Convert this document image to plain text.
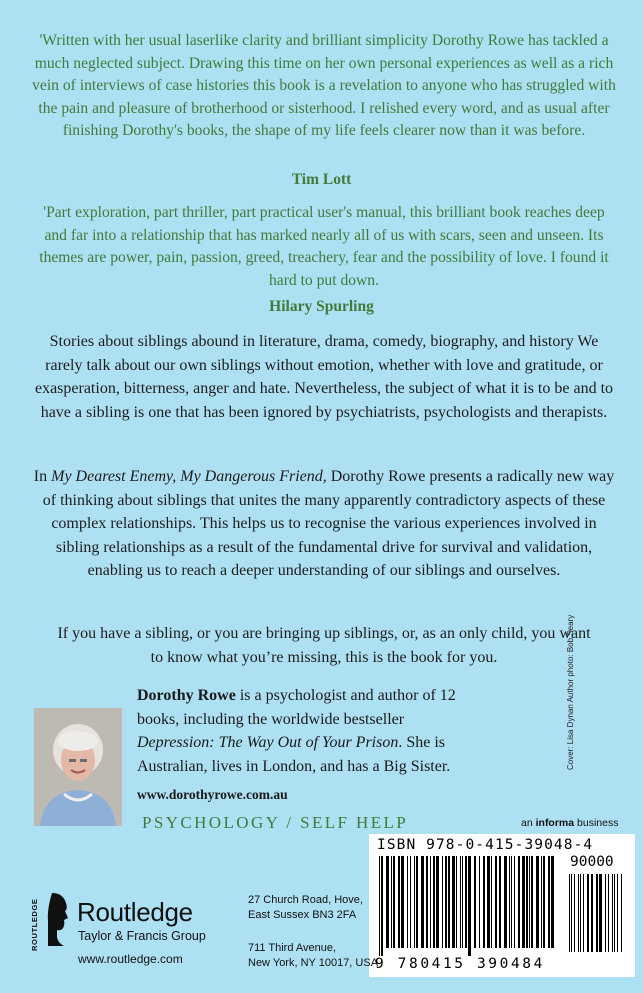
'Written with her usual laserlike clarity and brilliant simplicity Dorothy Rowe has tackled a much neglected subject. Drawing this time on her own personal experiences as well as a rich vein of interviews of case histories this book is a revelation to anyone who has struggled with the pain and pleasure of brotherhood or sisterhood. I relished every word, and as usual after finishing Dorothy's books, the shape of my life feels clearer now than it was before.

Tim Lott

'Part exploration, part thriller, part practical user's manual, this brilliant book reaches deep and far into a relationship that has marked nearly all of us with scars, seen and unseen. Its themes are power, pain, passion, greed, treachery, fear and the possibility of love. I found it hard to put down.

Hilary Spurling

Stories about siblings abound in literature, drama, comedy, biography, and history We rarely talk about our own siblings without emotion, whether with love and gratitude, or exasperation, bitterness, anger and hate. Nevertheless, the subject of what it is to be and to have a sibling is one that has been ignored by psychiatrists, psychologists and therapists.

In My Dearest Enemy, My Dangerous Friend, Dorothy Rowe presents a radically new way of thinking about siblings that unites the many apparently contradictory aspects of these complex relationships. This helps us to recognise the various experiences involved in sibling relationships as a result of the fundamental drive for survival and validation, enabling us to reach a deeper understanding of our siblings and ourselves.

If you have a sibling, or you are bringing up siblings, or, as an only child, you want to know what you’re missing, this is the book for you.

Dorothy Rowe is a psychologist and author of 12 books, including the worldwide bestseller Depression: The Way Out of Your Prison. She is Australian, lives in London, and has a Big Sister.

www.dorothyrowe.com.au

Cover: Lisa Dynan Author photo: Bob Seary

PSYCHOLOGY / SELF HELP	an informa business

ISBN 978-0-415-39048-4
90000
9 780415 390484
ROUTLEDGE Routledge
Taylor & Francis Group
www.routledge.com
27 Church Road, Hove,
East Sussex BN3 2FA
711 Third Avenue,
New York, NY 10017, USA
